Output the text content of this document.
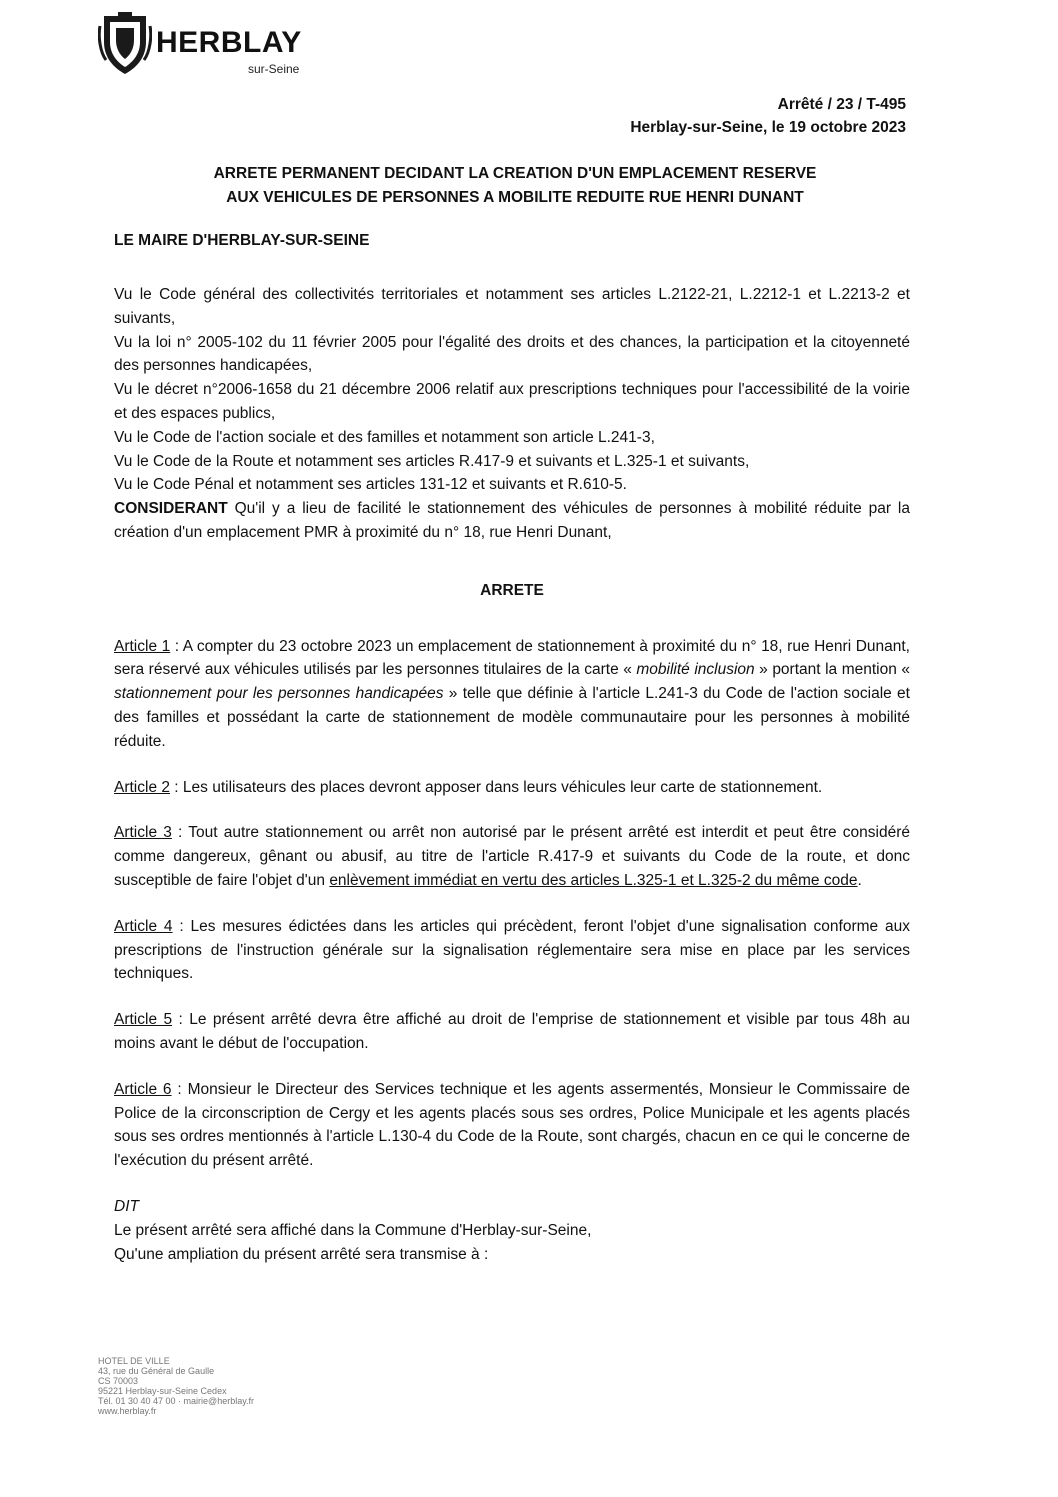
HERBLAY
sur-Seine
Arrêté / 23 / T-495
Herblay-sur-Seine, le 19 octobre 2023
ARRETE PERMANENT DECIDANT LA CREATION D'UN EMPLACEMENT RESERVE
AUX VEHICULES DE PERSONNES A MOBILITE REDUITE RUE HENRI DUNANT
LE MAIRE D'HERBLAY-SUR-SEINE

Vu le Code général des collectivités territoriales et notamment ses articles L.2122-21, L.2212-1 et L.2213-2 et suivants,

Vu la loi n° 2005-102 du 11 février 2005 pour l'égalité des droits et des chances, la participation et la citoyenneté des personnes handicapées,

Vu le décret n°2006-1658 du 21 décembre 2006 relatif aux prescriptions techniques pour l'accessibilité de la voirie et des espaces publics,

Vu le Code de l'action sociale et des familles et notamment son article L.241-3,

Vu le Code de la Route et notamment ses articles R.417-9 et suivants et L.325-1 et suivants,

Vu le Code Pénal et notamment ses articles 131-12 et suivants et R.610-5.

CONSIDERANT Qu'il y a lieu de facilité le stationnement des véhicules de personnes à mobilité réduite par la création d'un emplacement PMR à proximité du n° 18, rue Henri Dunant,

ARRETE

Article 1 : A compter du 23 octobre 2023 un emplacement de stationnement à proximité du n° 18, rue Henri Dunant, sera réservé aux véhicules utilisés par les personnes titulaires de la carte « mobilité inclusion » portant la mention « stationnement pour les personnes handicapées » telle que définie à l'article L.241-3 du Code de l'action sociale et des familles et possédant la carte de stationnement de modèle communautaire pour les personnes à mobilité réduite.

Article 2 : Les utilisateurs des places devront apposer dans leurs véhicules leur carte de stationnement.

Article 3 : Tout autre stationnement ou arrêt non autorisé par le présent arrêté est interdit et peut être considéré comme dangereux, gênant ou abusif, au titre de l'article R.417-9 et suivants du Code de la route, et donc susceptible de faire l'objet d'un enlèvement immédiat en vertu des articles L.325-1 et L.325-2 du même code.

Article 4 : Les mesures édictées dans les articles qui précèdent, feront l'objet d'une signalisation conforme aux prescriptions de l'instruction générale sur la signalisation réglementaire sera mise en place par les services techniques.

Article 5 : Le présent arrêté devra être affiché au droit de l'emprise de stationnement et visible par tous 48h au moins avant le début de l'occupation.

Article 6 : Monsieur le Directeur des Services technique et les agents assermentés, Monsieur le Commissaire de Police de la circonscription de Cergy et les agents placés sous ses ordres, Police Municipale et les agents placés sous ses ordres mentionnés à l'article L.130-4 du Code de la Route, sont chargés, chacun en ce qui le concerne de l'exécution du présent arrêté.

DIT

Le présent arrêté sera affiché dans la Commune d'Herblay-sur-Seine,

Qu'une ampliation du présent arrêté sera transmise à :

HOTEL DE VILLE
43, rue du Général de Gaulle
CS 70003
95221 Herblay-sur-Seine Cedex
Tél. 01 30 40 47 00 · mairie@herblay.fr
www.herblay.fr
